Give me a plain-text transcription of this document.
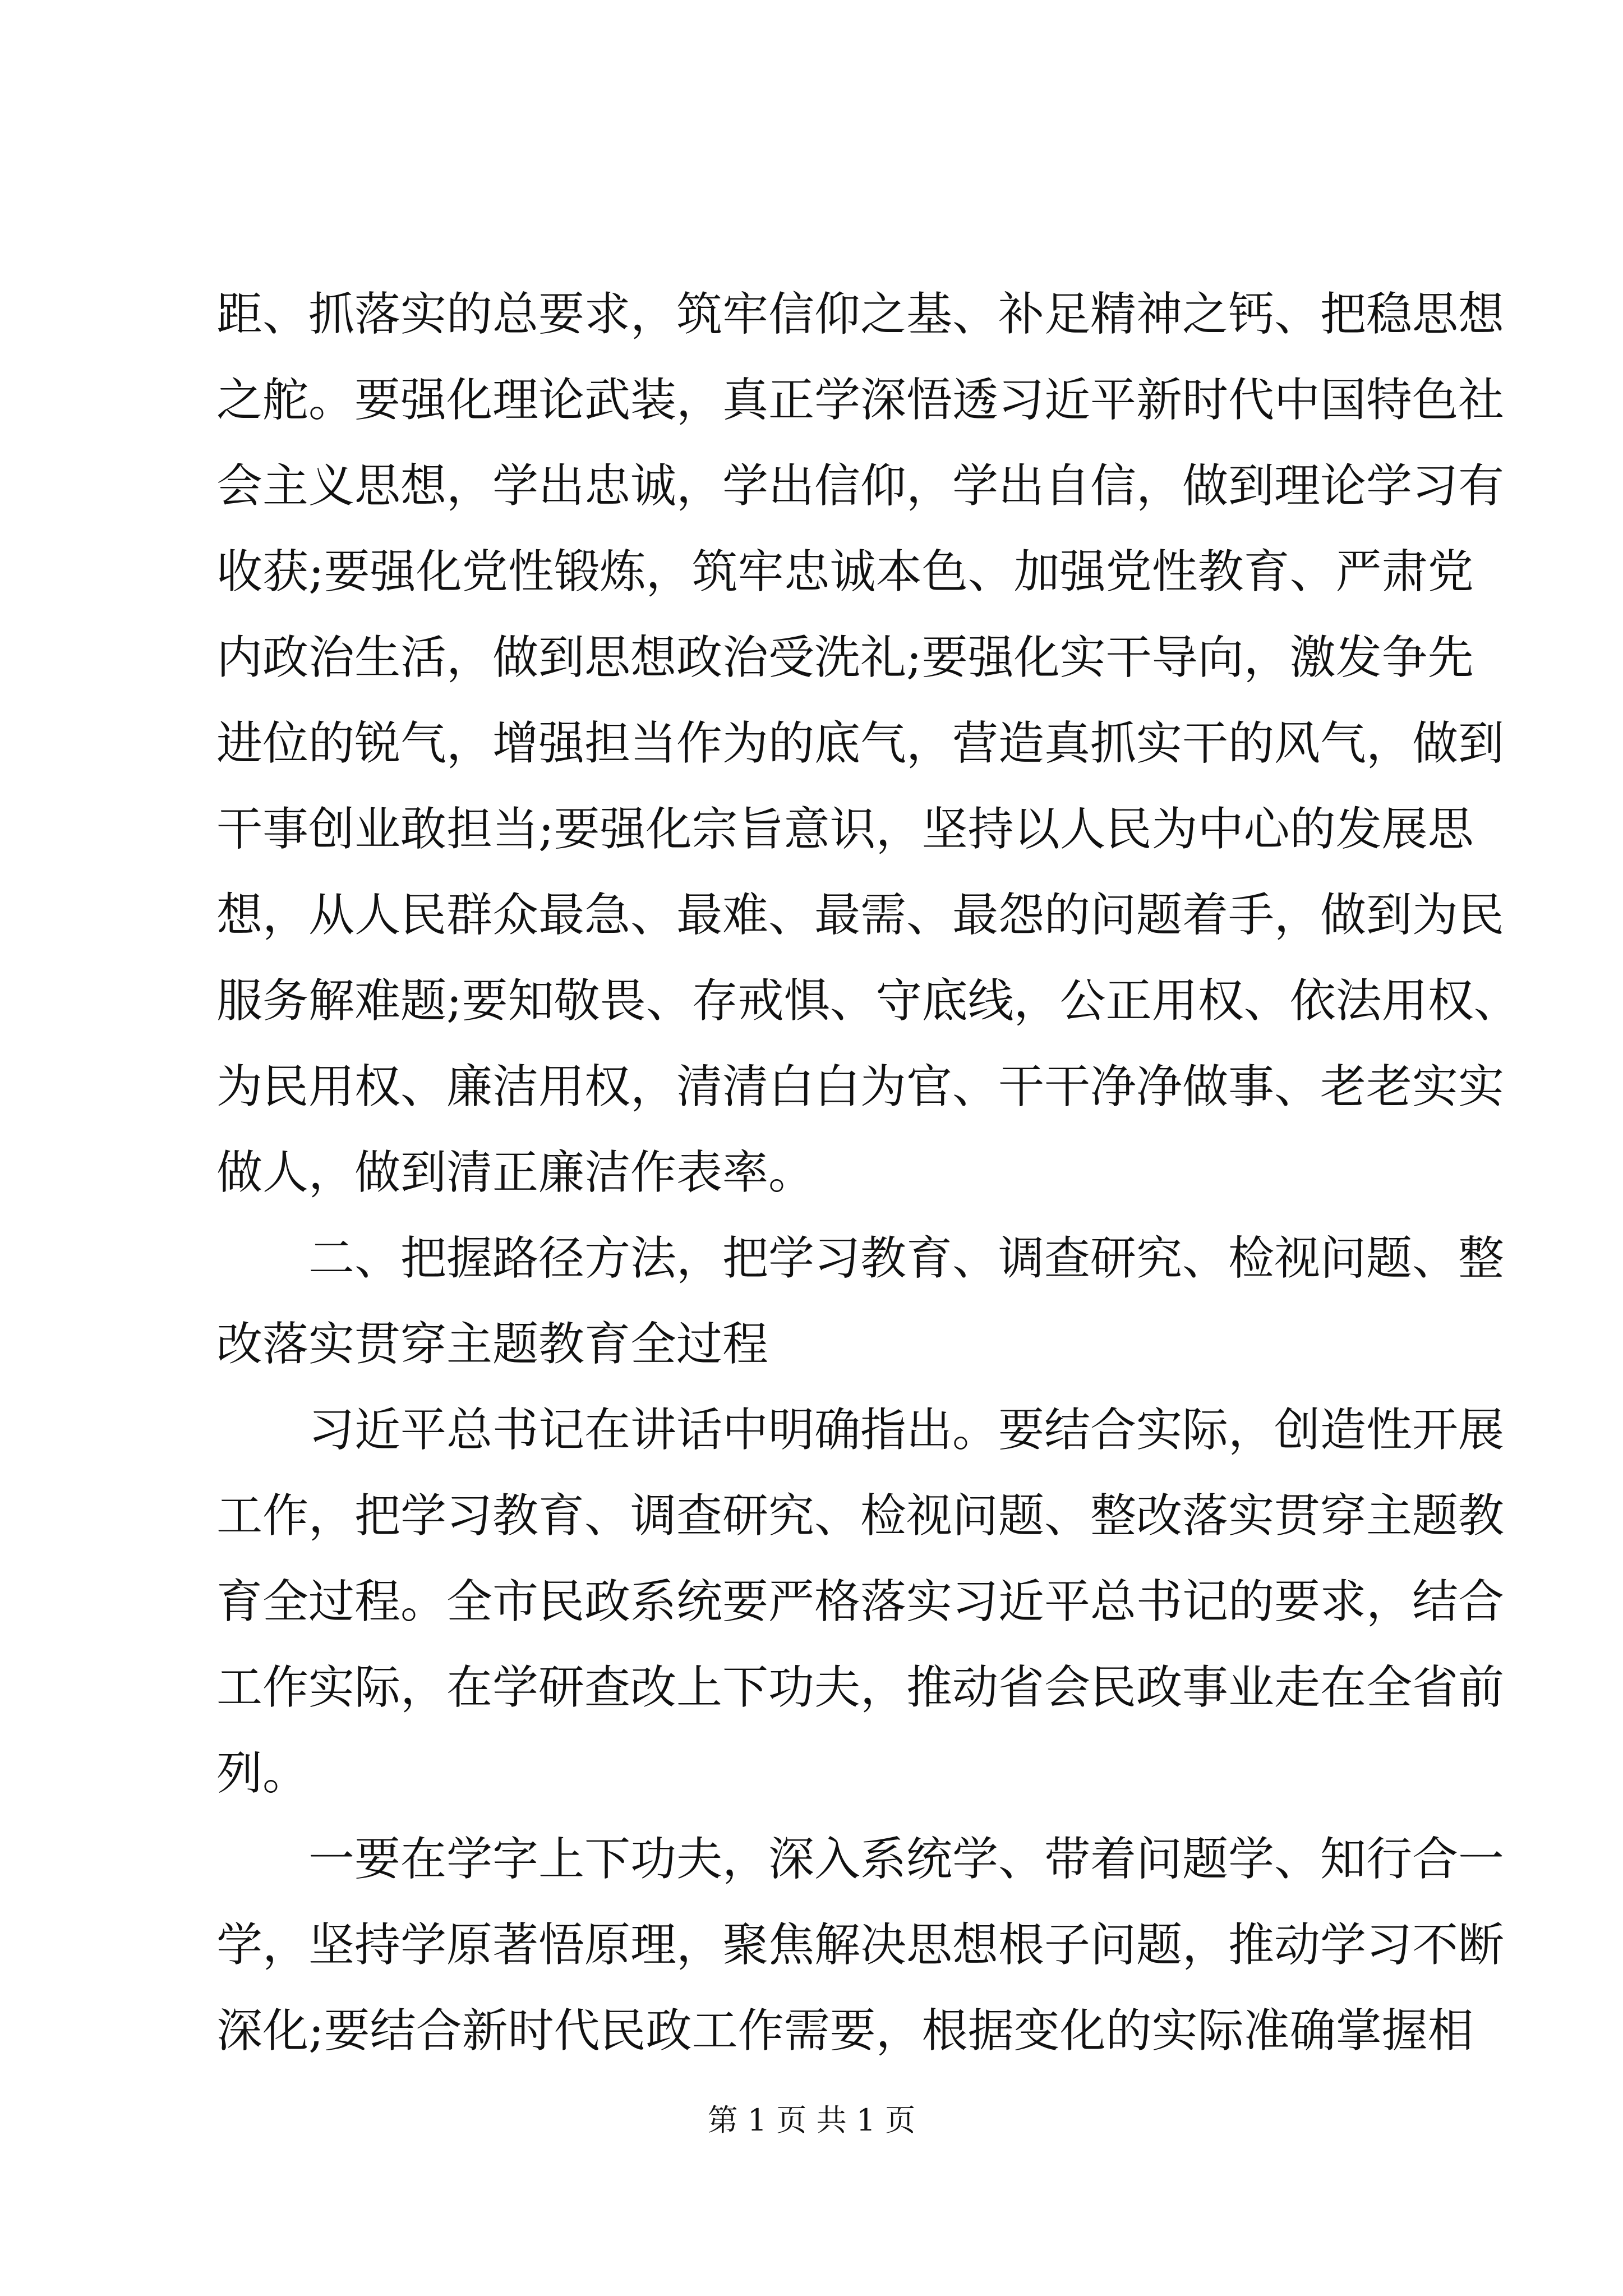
距、抓落实的总要求，筑牢信仰之基、补足精神之钙、把稳思想
之舵。要强化理论武装，真正学深悟透习近平新时代中国特色社
会主义思想，学出忠诚，学出信仰，学出自信，做到理论学习有
收获;要强化党性锻炼，筑牢忠诚本色、加强党性教育、严肃党
内政治生活，做到思想政治受洗礼;要强化实干导向，激发争先
进位的锐气，增强担当作为的底气，营造真抓实干的风气，做到
干事创业敢担当;要强化宗旨意识，坚持以人民为中心的发展思
想，从人民群众最急、最难、最需、最怨的问题着手，做到为民
服务解难题;要知敬畏、存戒惧、守底线，公正用权、依法用权、
为民用权、廉洁用权，清清白白为官、干干净净做事、老老实实
做人，做到清正廉洁作表率。
　　二、把握路径方法，把学习教育、调查研究、检视问题、整
改落实贯穿主题教育全过程
　　习近平总书记在讲话中明确指出。要结合实际，创造性开展
工作，把学习教育、调查研究、检视问题、整改落实贯穿主题教
育全过程。全市民政系统要严格落实习近平总书记的要求，结合
工作实际，在学研查改上下功夫，推动省会民政事业走在全省前
列。
　　一要在学字上下功夫，深入系统学、带着问题学、知行合一
学，坚持学原著悟原理，聚焦解决思想根子问题，推动学习不断
深化;要结合新时代民政工作需要，根据变化的实际准确掌握相
第 1 页 共 1 页
